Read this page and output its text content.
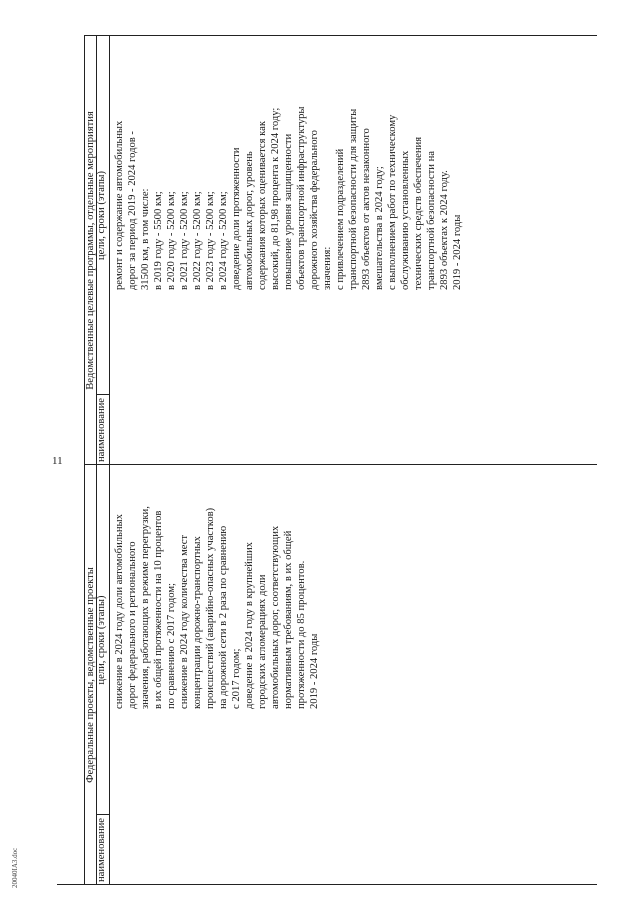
11
20040IA3.doc
Федеральные проекты, ведомственные проекты
наименование
цели, сроки (этапы)
Ведомственные целевые программы, отдельные мероприятия
наименование
цели, сроки (этапы)
снижение в 2024 году доли автомобильных дорог федерального и регионального значения, работающих в режиме перегрузки, в их общей протяженности на 10 процентов по сравнению с 2017 годом; снижение в 2024 году количества мест концентрации дорожно-транспортных происшествий (аварийно-опасных участков) на дорожной сети в 2 раза по сравнению с 2017 годом; доведение в 2024 году в крупнейших городских агломерациях доли автомобильных дорог, соответствующих нормативным требованиям, в их общей протяженности до 85 процентов. 2019 - 2024 годы
ремонт и содержание автомобильных дорог за период 2019 - 2024 годов - 31500 км, в том числе: в 2019 году - 5500 км; в 2020 году - 5200 км; в 2021 году - 5200 км; в 2022 году - 5200 км; в 2023 году - 5200 км; в 2024 году - 5200 км; доведение доли протяженности автомобильных дорог, уровень содержания которых оценивается как высокий, до 81,98 процента к 2024 году; повышение уровня защищенности объектов транспортной инфраструктуры дорожного хозяйства федерального значения: с привлечением подразделений транспортной безопасности для защиты 2893 объектов от актов незаконного вмешательства в 2024 году; с выполнением работ по техническому обслуживанию установленных технических средств обеспечения транспортной безопасности на 2893 объектах к 2024 году. 2019 - 2024 годы
